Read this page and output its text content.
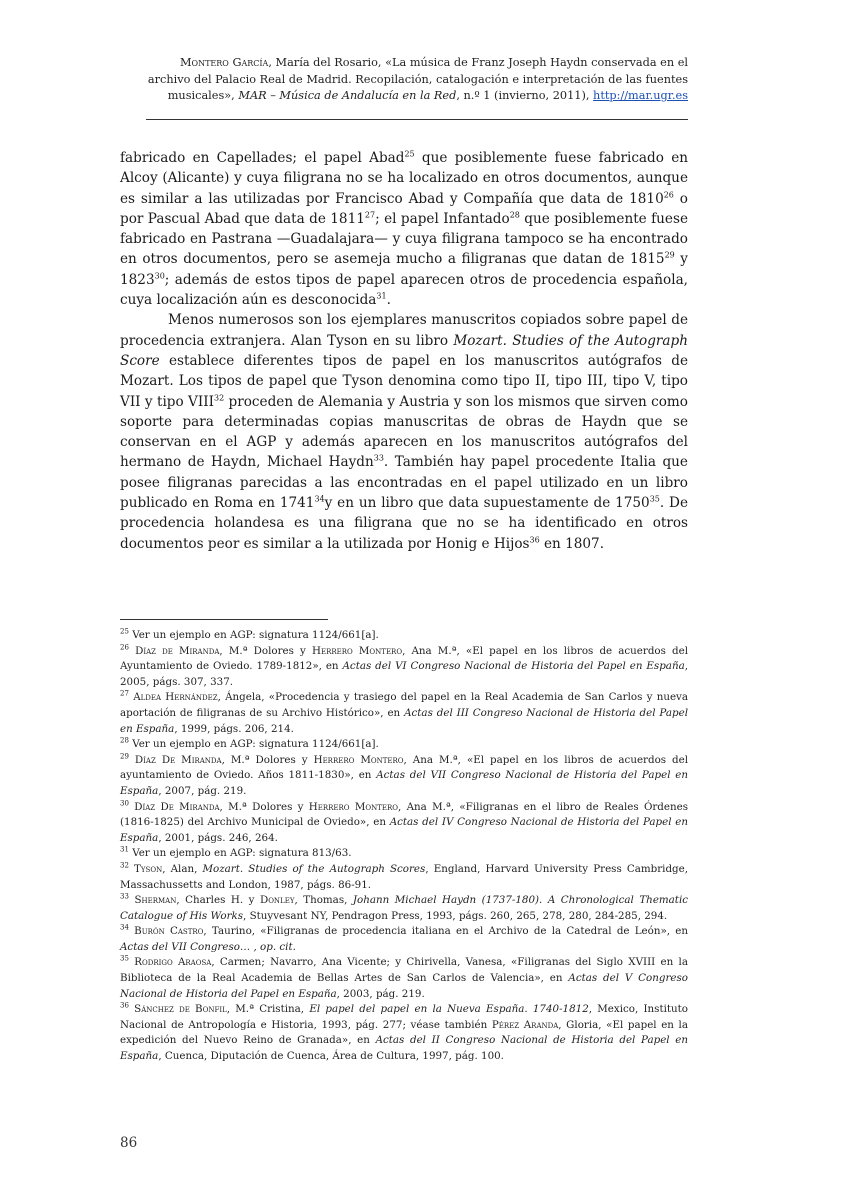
Montero García, María del Rosario, «La música de Franz Joseph Haydn conservada en el archivo del Palacio Real de Madrid. Recopilación, catalogación e interpretación de las fuentes musicales», MAR – Música de Andalucía en la Red, n.º 1 (invierno, 2011), http://mar.ugr.es

fabricado en Capellades; el papel Abad$^{25}$ que posiblemente fuese fabricado en Alcoy (Alicante) y cuya filigrana no se ha localizado en otros documentos, aunque es similar a las utilizadas por Francisco Abad y Compañía que data de 1810$^{26}$ o por Pascual Abad que data de 1811$^{27}$; el papel Infantado$^{28}$ que posiblemente fuese fabricado en Pastrana —Guadalajara— y cuya filigrana tampoco se ha encontrado en otros documentos, pero se asemeja mucho a filigranas que datan de 1815$^{29}$ y 1823$^{30}$; además de estos tipos de papel aparecen otros de procedencia española, cuya localización aún es desconocida$^{31}$.

Menos numerosos son los ejemplares manuscritos copiados sobre papel de procedencia extranjera. Alan Tyson en su libro Mozart. Studies of the Autograph Score establece diferentes tipos de papel en los manuscritos autógrafos de Mozart. Los tipos de papel que Tyson denomina como tipo II, tipo III, tipo V, tipo VII y tipo VIII$^{32}$ proceden de Alemania y Austria y son los mismos que sirven como soporte para determinadas copias manuscritas de obras de Haydn que se conservan en el AGP y además aparecen en los manuscritos autógrafos del hermano de Haydn, Michael Haydn$^{33}$. También hay papel procedente Italia que posee filigranas parecidas a las encontradas en el papel utilizado en un libro publicado en Roma en 1741$^{34}$y en un libro que data supuestamente de 1750$^{35}$. De procedencia holandesa es una filigrana que no se ha identificado en otros documentos peor es similar a la utilizada por Honig e Hijos$^{36}$ en 1807.

$^{25}$ Ver un ejemplo en AGP: signatura 1124/661[a].

$^{26}$ Díaz de Miranda, M.ª Dolores y Herrero Montero, Ana M.ª, «El papel en los libros de acuerdos del Ayuntamiento de Oviedo. 1789-1812», en Actas del VI Congreso Nacional de Historia del Papel en España, 2005, págs. 307, 337.

$^{27}$ Aldea Hernández, Ángela, «Procedencia y trasiego del papel en la Real Academia de San Carlos y nueva aportación de filigranas de su Archivo Histórico», en Actas del III Congreso Nacional de Historia del Papel en España, 1999, págs. 206, 214.

$^{28}$ Ver un ejemplo en AGP: signatura 1124/661[a].

$^{29}$ Díaz De Miranda, M.ª Dolores y Herrero Montero, Ana M.ª, «El papel en los libros de acuerdos del ayuntamiento de Oviedo. Años 1811-1830», en Actas del VII Congreso Nacional de Historia del Papel en España, 2007, pág. 219.

$^{30}$ Díaz De Miranda, M.ª Dolores y Herrero Montero, Ana M.ª, «Filigranas en el libro de Reales Órdenes (1816-1825) del Archivo Municipal de Oviedo», en Actas del IV Congreso Nacional de Historia del Papel en España, 2001, págs. 246, 264.

$^{31}$ Ver un ejemplo en AGP: signatura 813/63.

$^{32}$ Tyson, Alan, Mozart. Studies of the Autograph Scores, England, Harvard University Press Cambridge, Massachussetts and London, 1987, págs. 86-91.

$^{33}$ Sherman, Charles H. y Donley, Thomas, Johann Michael Haydn (1737-180). A Chronological Thematic Catalogue of His Works, Stuyvesant NY, Pendragon Press, 1993, págs. 260, 265, 278, 280, 284-285, 294.

$^{34}$ Burón Castro, Taurino, «Filigranas de procedencia italiana en el Archivo de la Catedral de León», en Actas del VII Congreso… , op. cit.

$^{35}$ Rodrigo Araosa, Carmen; Navarro, Ana Vicente; y Chirivella, Vanesa, «Filigranas del Siglo XVIII en la Biblioteca de la Real Academia de Bellas Artes de San Carlos de Valencia», en Actas del V Congreso Nacional de Historia del Papel en España, 2003, pág. 219.

$^{36}$ Sánchez de Bonfil, M.ª Cristina, El papel del papel en la Nueva España. 1740-1812, Mexico, Instituto Nacional de Antropología e Historia, 1993, pág. 277; véase también Pérez Aranda, Gloria, «El papel en la expedición del Nuevo Reino de Granada», en Actas del II Congreso Nacional de Historia del Papel en España, Cuenca, Diputación de Cuenca, Área de Cultura, 1997, pág. 100.

86
